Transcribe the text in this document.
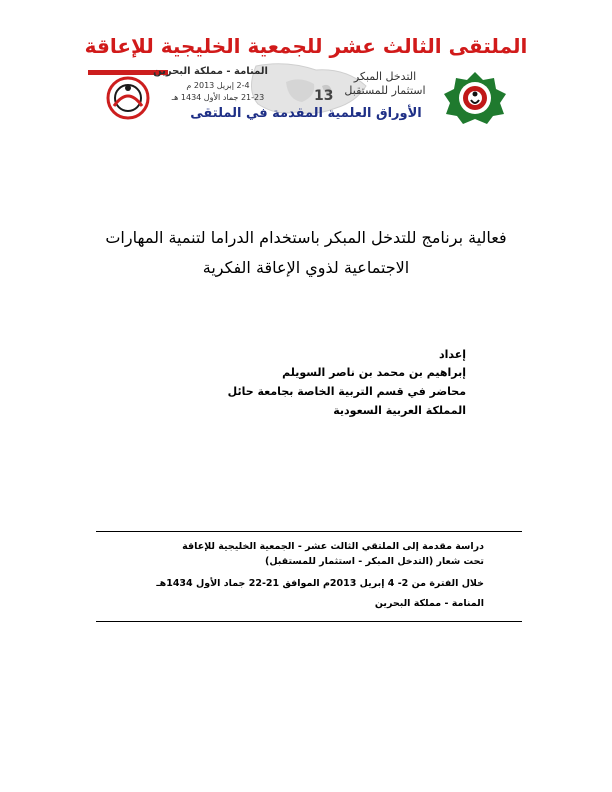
الملتقى الثالث عشر للجمعية الخليجية للإعاقة
13
المنامة - مملكة البحرين
2-4 إبريل 2013 م
21-23 جماد الأول 1434 هـ
التدخل المبكر
استثمار للمستقبل
الأوراق العلمية المقدمة في الملتقى
فعالية برنامج للتدخل المبكر باستخدام الدراما لتنمية المهارات
الاجتماعية لذوي الإعاقة الفكرية
إعداد
إبراهيم بن محمد بن ناصر السويلم
محاضر في قسم التربية الخاصة بجامعة حائل
المملكة العربية السعودية
دراسة مقدمة إلى الملتقي الثالث عشر - الجمعية الخليجية للإعاقة
تحت شعار (التدخل المبكر - استثمار للمستقبل)
خلال الفترة من 2- 4 إبريل 2013م الموافق 21-22 جماد الأول 1434هـ
المنامة - مملكة البحرين
